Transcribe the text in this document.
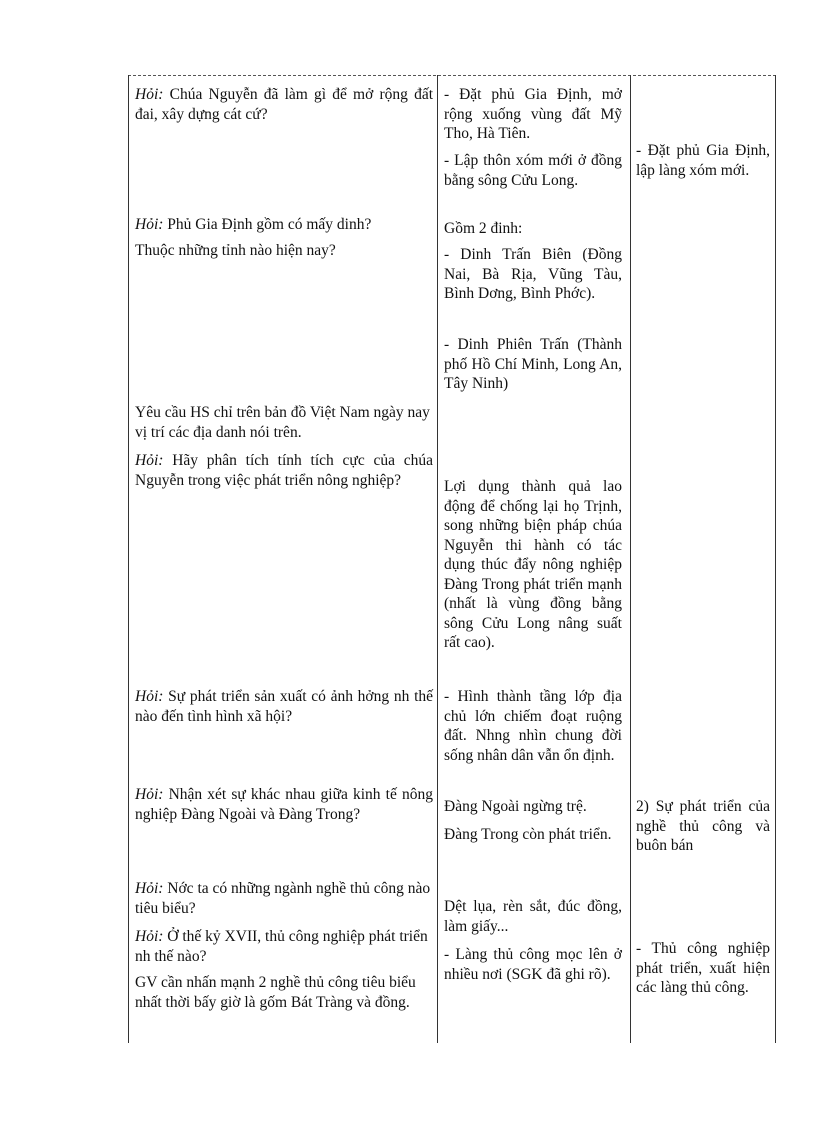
Hỏi: Chúa Nguyễn đã làm gì để mở rộng đất đai, xây dựng cát cứ?
Hỏi: Phủ Gia Định gồm có mấy dinh?
Thuộc những tỉnh nào hiện nay?
Yêu cầu HS chỉ trên bản đồ Việt Nam ngày nay vị trí các địa danh nói trên.
Hỏi: Hãy phân tích tính tích cực của chúa Nguyễn trong việc phát triển nông nghiệp?
Hỏi: Sự phát triển sản xuất có ảnh hởng nh thế nào đến tình hình xã hội?
Hỏi: Nhận xét sự khác nhau giữa kinh tế nông nghiệp Đàng Ngoài và Đàng Trong?
Hỏi: Nớc ta có những ngành nghề thủ công nào tiêu biểu?
Hỏi: Ở thế kỷ XVII, thủ công nghiệp phát triển nh thế nào?
GV cần nhấn mạnh 2 nghề thủ công tiêu biểu nhất thời bấy giờ là gốm Bát Tràng và đồng.
- Đặt phủ Gia Định, mở rộng xuống vùng đất Mỹ Tho, Hà Tiên.
- Lập thôn xóm mới ở đồng bằng sông Cửu Long.
Gồm 2 đinh:
- Dinh Trấn Biên (Đồng Nai, Bà Rịa, Vũng Tàu, Bình Dơng, Bình Phớc).
- Dinh Phiên Trấn (Thành phố Hồ Chí Minh, Long An, Tây Ninh)
Lợi dụng thành quả lao động để chống lại họ Trịnh, song những biện pháp chúa Nguyễn thi hành có tác dụng thúc đẩy nông nghiệp Đàng Trong phát triển mạnh (nhất là vùng đồng bằng sông Cửu Long nâng suất rất cao).
- Hình thành tầng lớp địa chủ lớn chiếm đoạt ruộng đất. Nhng nhìn chung đời sống nhân dân vẫn ổn định.
Đàng Ngoài ngừng trệ.
Đàng Trong còn phát triển.
Dệt lụa, rèn sắt, đúc đồng, làm giấy...
- Làng thủ công mọc lên ở nhiều nơi (SGK đã ghi rõ).
- Đặt phủ Gia Định, lập làng xóm mới.
2) Sự phát triển của nghề thủ công và buôn bán
- Thủ công nghiệp phát triển, xuất hiện các làng thủ công.
